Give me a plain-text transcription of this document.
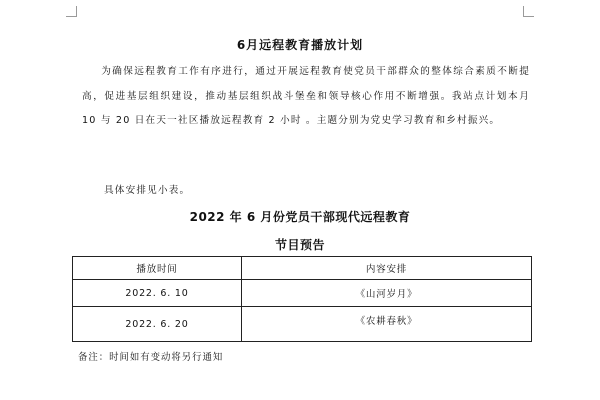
6月远程教育播放计划

为确保远程教育工作有序进行，通过开展远程教育使党员干部群众的整体综合素质不断提高，促进基层组织建设，推动基层组织战斗堡垒和领导核心作用不断增强。我站点计划本月 10 与 20 日在天一社区播放远程教育 2 小时 。主题分别为党史学习教育和乡村振兴。

具体安排见小表。
2022 年 6 月份党员干部现代远程教育
节目预告
播放时间	内容安排
2022. 6. 10	《山河岁月》
2022. 6. 20	《农耕春秋》
备注：时间如有变动将另行通知
